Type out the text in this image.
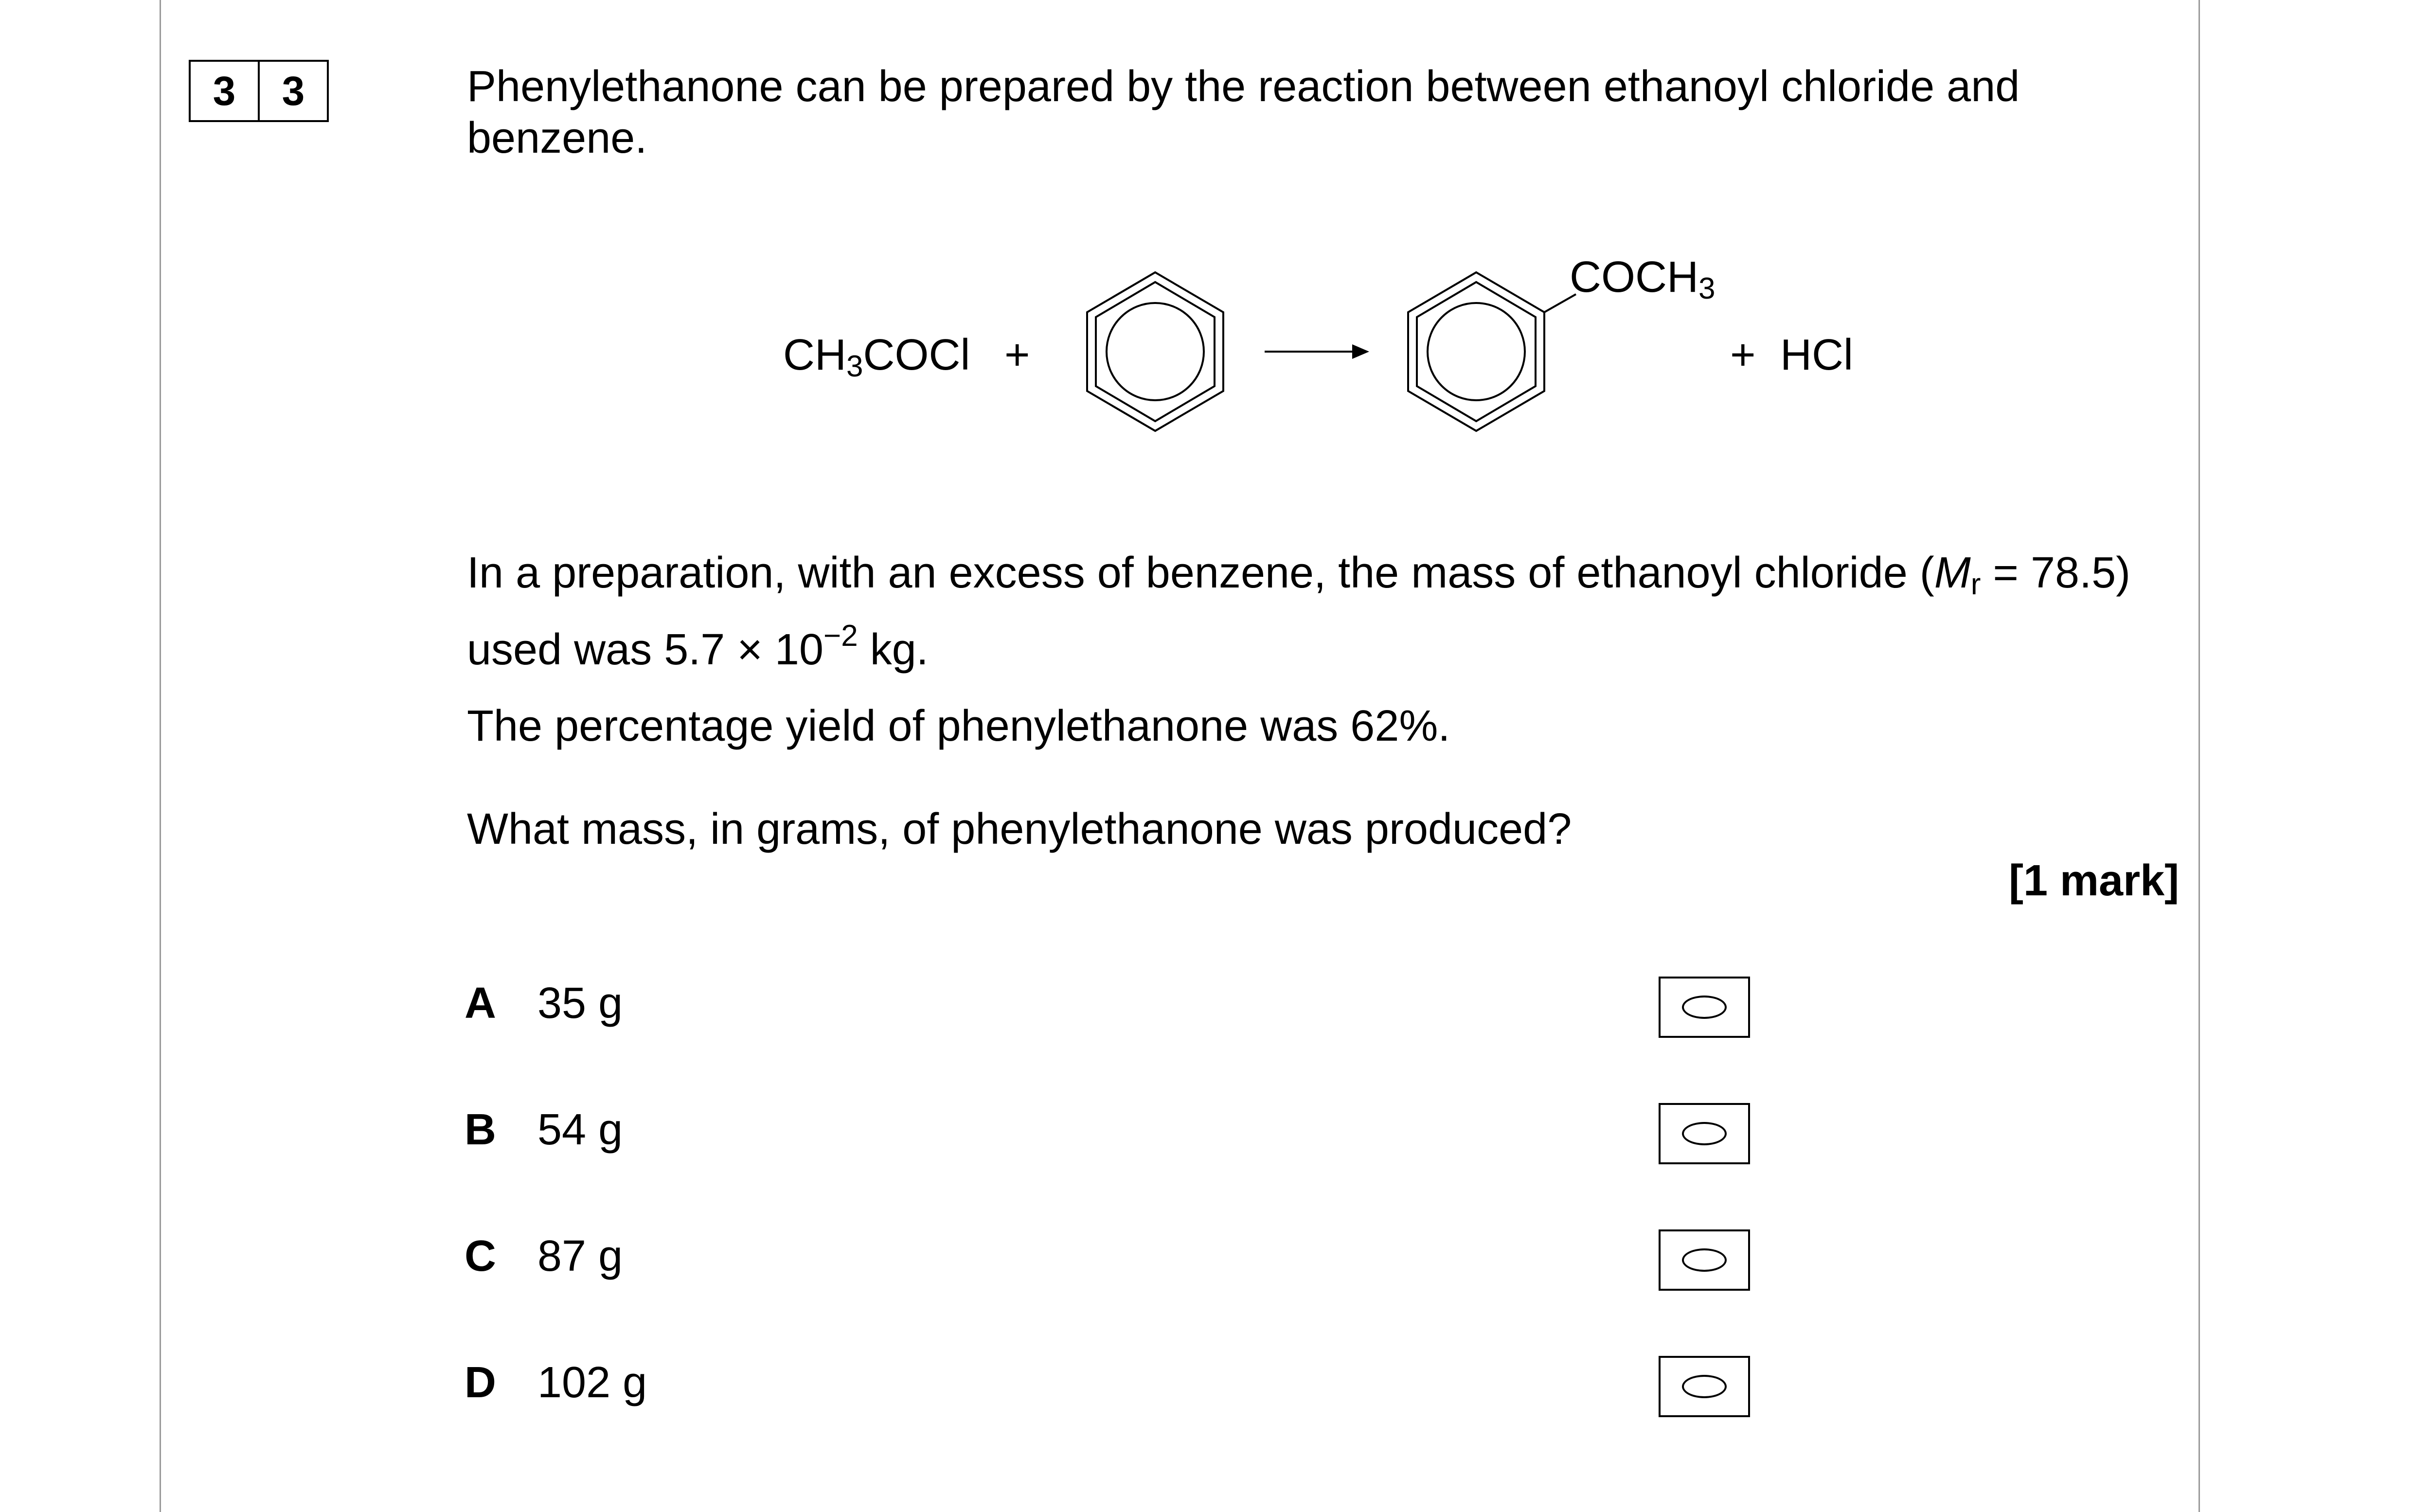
3	3	Phenylethanone can be prepared by the reaction between ethanoyl chloride and benzene.

$CH_3COCl$ +
$COCH_3$
+ HCl

In a preparation, with an excess of benzene, the mass of ethanoyl chloride $(M_r = 78.5)$ used was $5.7 \times 10^{-2}$ kg.

The percentage yield of phenylethanone was 62%.

What mass, in grams, of phenylethanone was produced?

[1 mark]
A 35 g
B 54 g
C 87 g
D 102 g
